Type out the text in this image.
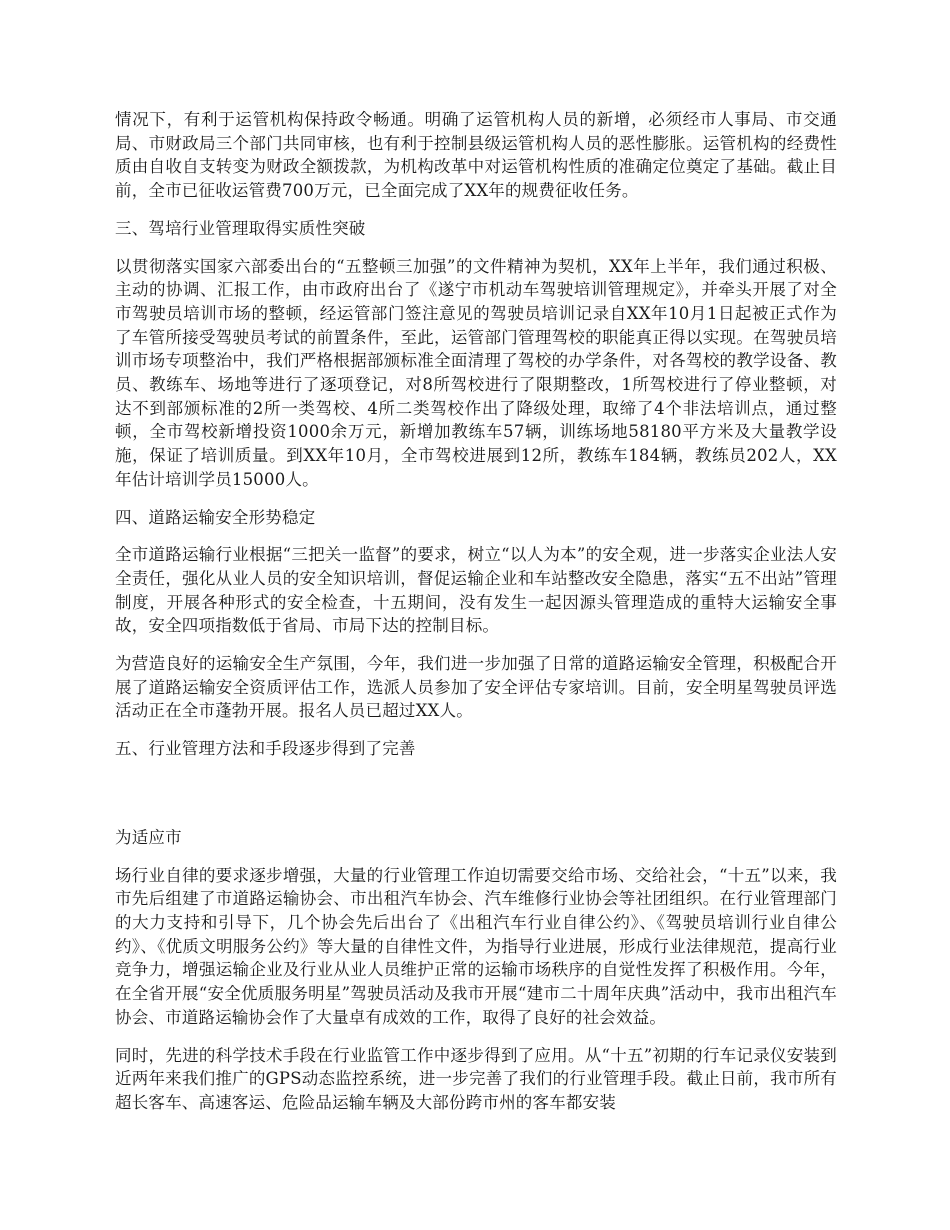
情况下，有利于运管机构保持政令畅通。明确了运管机构人员的新增，必须经市人事局、市交通局、市财政局三个部门共同审核，也有利于控制县级运管机构人员的恶性膨胀。运管机构的经费性质由自收自支转变为财政全额拨款，为机构改革中对运管机构性质的准确定位奠定了基础。截止目前，全市已征收运管费700万元，已全面完成了XX年的规费征收任务。

三、驾培行业管理取得实质性突破

以贯彻落实国家六部委出台的“五整顿三加强”的文件精神为契机，XX年上半年，我们通过积极、主动的协调、汇报工作，由市政府出台了《遂宁市机动车驾驶培训管理规定》，并牵头开展了对全市驾驶员培训市场的整顿，经运管部门签注意见的驾驶员培训记录自XX年10月1日起被正式作为了车管所接受驾驶员考试的前置条件，至此，运管部门管理驾校的职能真正得以实现。在驾驶员培训市场专项整治中，我们严格根据部颁标准全面清理了驾校的办学条件，对各驾校的教学设备、教员、教练车、场地等进行了逐项登记，对8所驾校进行了限期整改，1所驾校进行了停业整顿，对达不到部颁标准的2所一类驾校、4所二类驾校作出了降级处理，取缔了4个非法培训点，通过整顿，全市驾校新增投资1000余万元，新增加教练车57辆，训练场地58180平方米及大量教学设施，保证了培训质量。到XX年10月，全市驾校进展到12所，教练车184辆，教练员202人，XX年估计培训学员15000人。

四、道路运输安全形势稳定

全市道路运输行业根据“三把关一监督”的要求，树立“以人为本”的安全观，进一步落实企业法人安全责任，强化从业人员的安全知识培训，督促运输企业和车站整改安全隐患，落实“五不出站”管理制度，开展各种形式的安全检查，十五期间，没有发生一起因源头管理造成的重特大运输安全事故，安全四项指数低于省局、市局下达的控制目标。

为营造良好的运输安全生产氛围，今年，我们进一步加强了日常的道路运输安全管理，积极配合开展了道路运输安全资质评估工作，选派人员参加了安全评估专家培训。目前，安全明星驾驶员评选活动正在全市蓬勃开展。报名人员已超过XX人。

五、行业管理方法和手段逐步得到了完善

为适应市

场行业自律的要求逐步增强，大量的行业管理工作迫切需要交给市场、交给社会，“十五”以来，我市先后组建了市道路运输协会、市出租汽车协会、汽车维修行业协会等社团组织。在行业管理部门的大力支持和引导下，几个协会先后出台了《出租汽车行业自律公约》、《驾驶员培训行业自律公约》、《优质文明服务公约》等大量的自律性文件，为指导行业进展，形成行业法律规范，提高行业竞争力，增强运输企业及行业从业人员维护正常的运输市场秩序的自觉性发挥了积极作用。今年，在全省开展“安全优质服务明星”驾驶员活动及我市开展“建市二十周年庆典”活动中，我市出租汽车协会、市道路运输协会作了大量卓有成效的工作，取得了良好的社会效益。

同时，先进的科学技术手段在行业监管工作中逐步得到了应用。从“十五”初期的行车记录仪安装到近两年来我们推广的GPS动态监控系统，进一步完善了我们的行业管理手段。截止日前，我市所有超长客车、高速客运、危险品运输车辆及大部份跨市州的客车都安装
